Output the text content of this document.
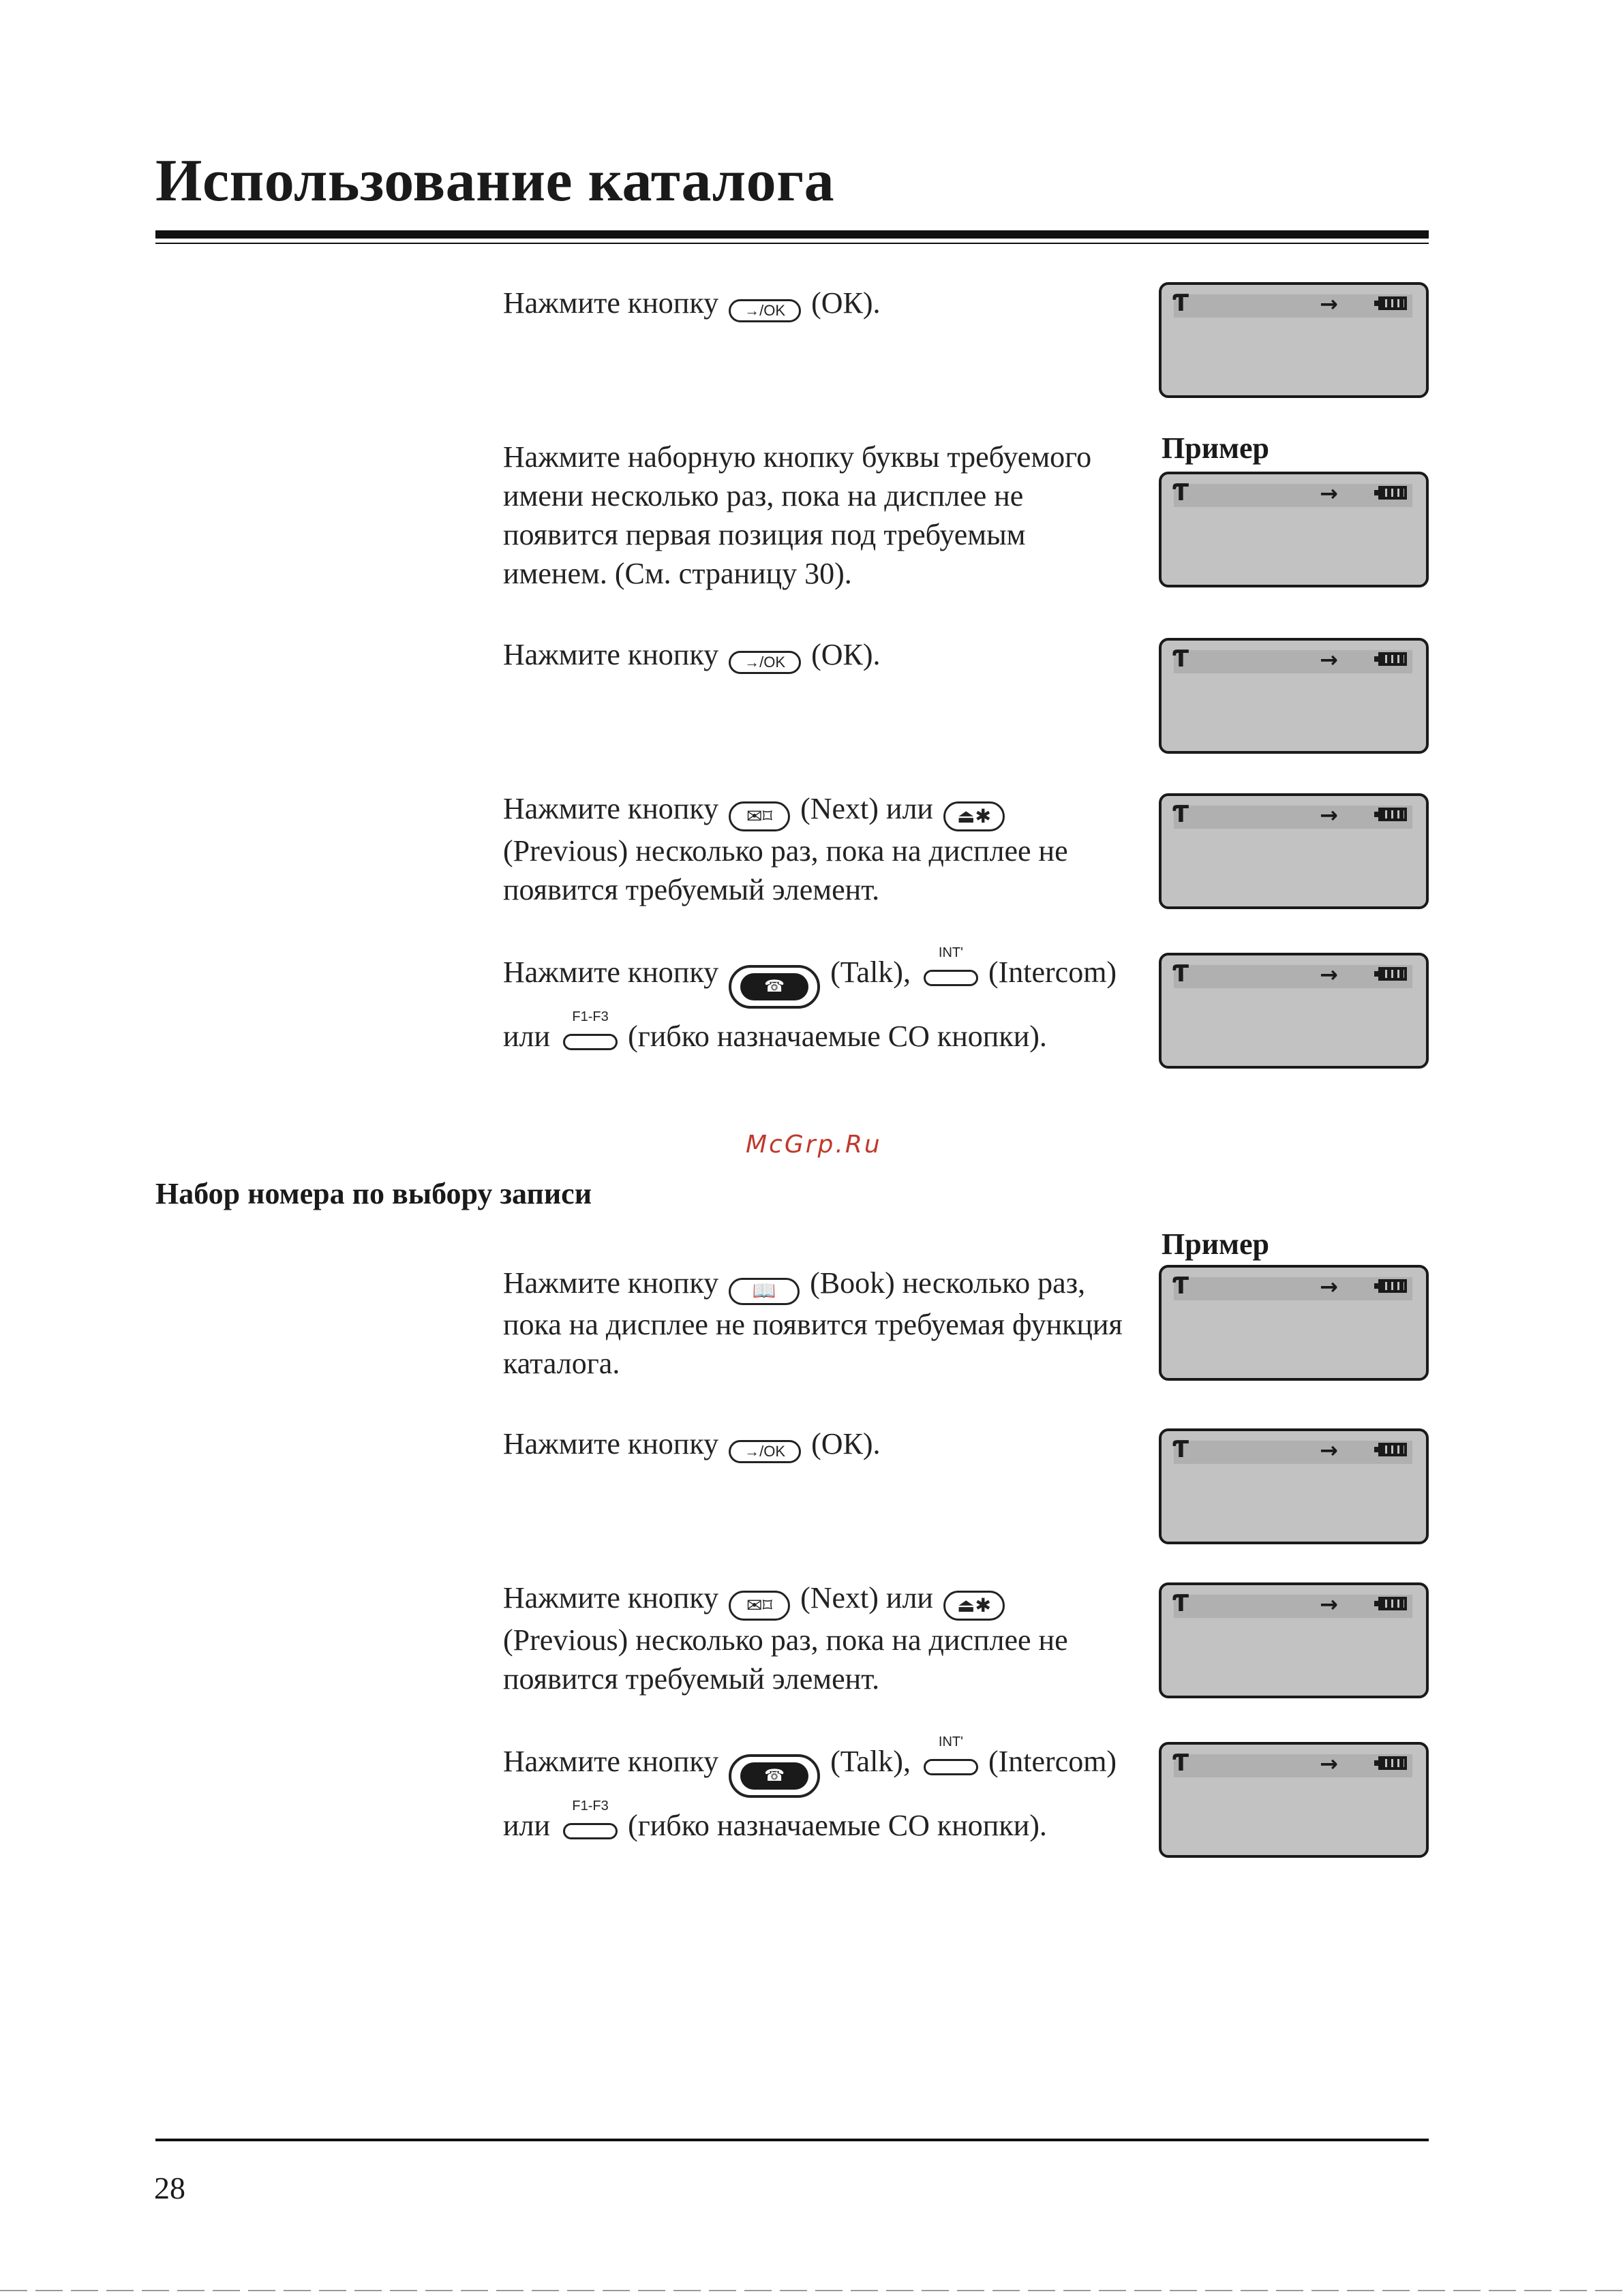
Использование каталога
Нажмите кнопку →/OK (ОК).	Ƭ	→
Пример
Нажмите наборную кнопку буквы требуемого имени несколько раз, пока на дисплее не появится первая позиция под требуемым именем. (См. страницу 30).
Ƭ	→
Нажмите кнопку →/OK (ОК).	Ƭ	→
Нажмите кнопку ✉⌑ (Next) или ⏏✱ (Previous) несколько раз, пока на дисплее не появится требуемый элемент.
Ƭ	→
Нажмите кнопку	☎	(Talk),
INT'
(Intercom) или
F1-F3
(гибко назначаемые СО кнопки).
Ƭ	→
McGrp.Ru
Набор номера по выбору записи
Пример
Нажмите кнопку 📖 (Book) несколько раз, пока на дисплее не появится требуемая функция каталога.
Ƭ	→
Нажмите кнопку →/OK (ОК).	Ƭ	→
Нажмите кнопку ✉⌑ (Next) или ⏏✱ (Previous) несколько раз, пока на дисплее не появится требуемый элемент.
Ƭ	→
Нажмите кнопку	☎	(Talk),
INT'
(Intercom) или
F1-F3
(гибко назначаемые СО кнопки).
Ƭ	→
28
